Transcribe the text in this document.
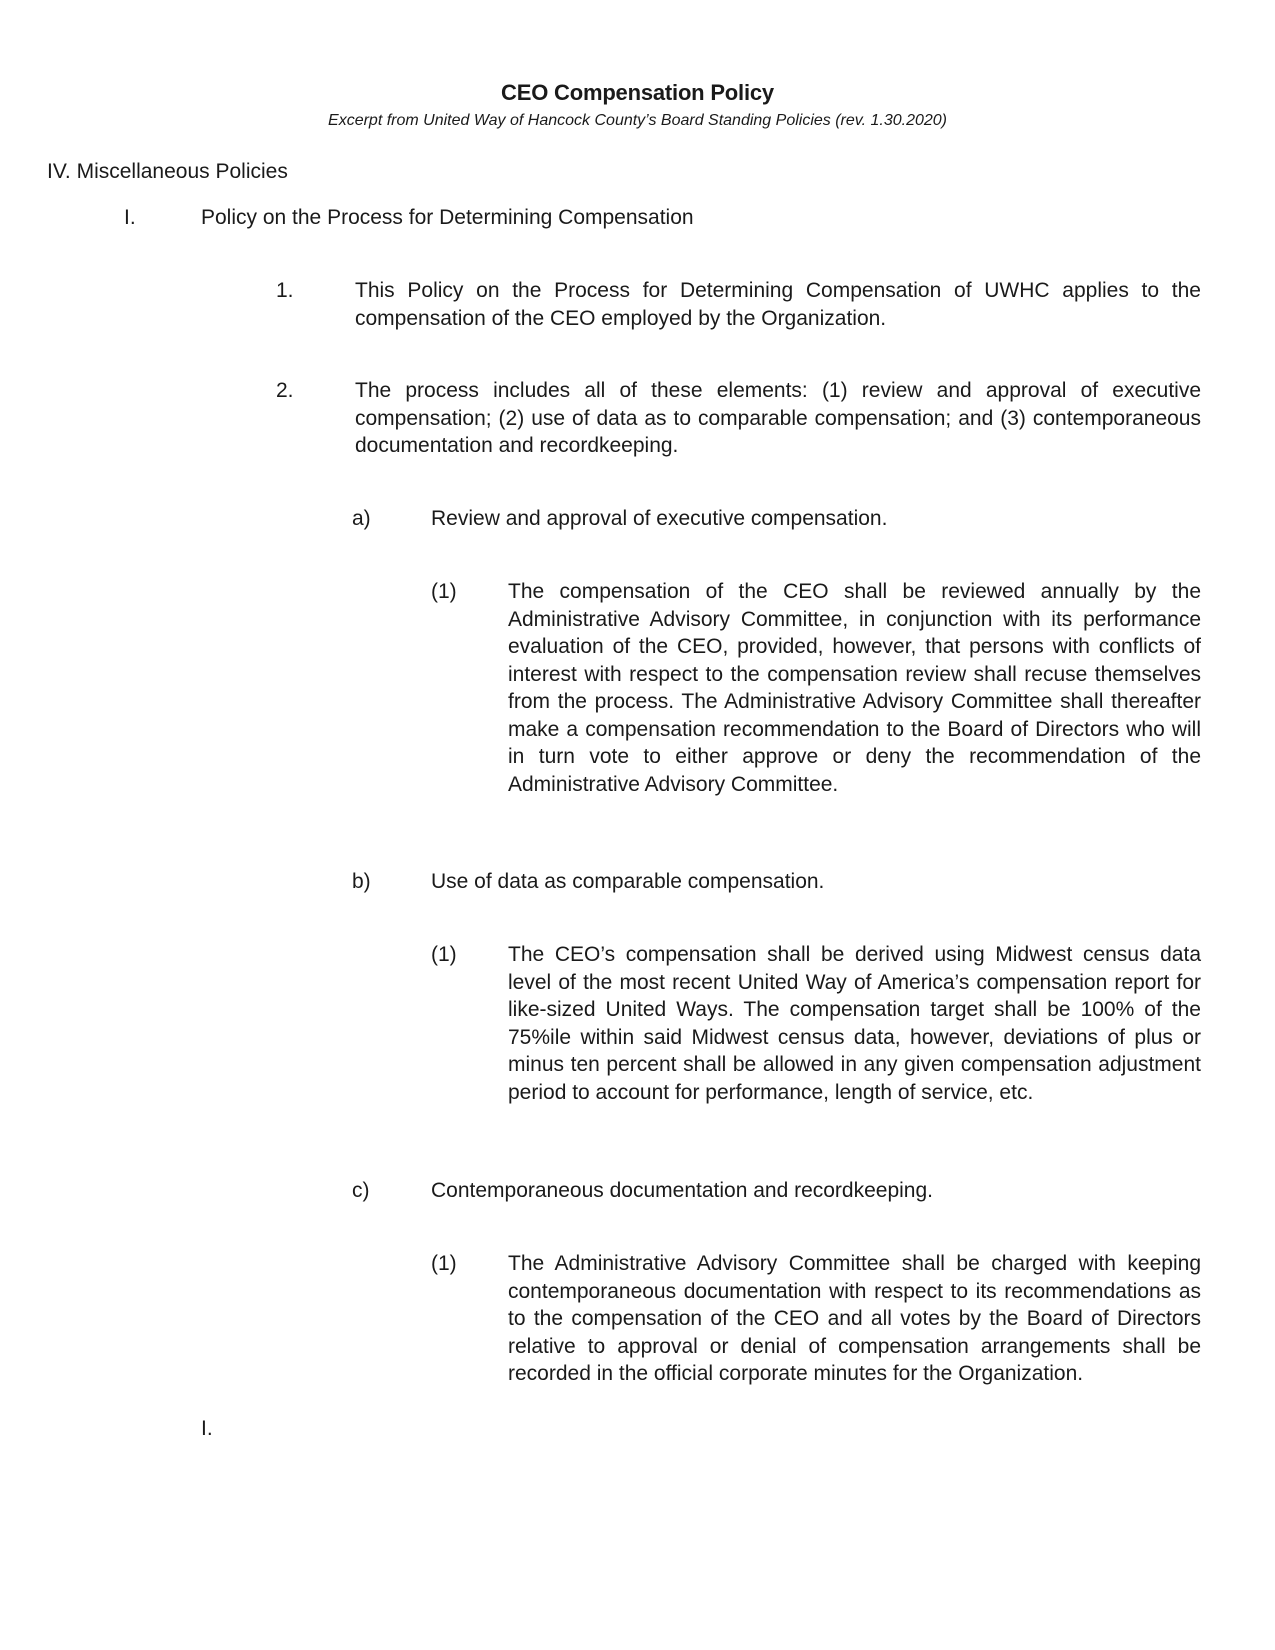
CEO Compensation Policy
Excerpt from United Way of Hancock County’s Board Standing Policies (rev. 1.30.2020)
IV. Miscellaneous Policies
I.	Policy on the Process for Determining Compensation
1.	This Policy on the Process for Determining Compensation of UWHC applies to the compensation of the CEO employed by the Organization.
2.	The process includes all of these elements: (1) review and approval of executive compensation; (2) use of data as to comparable compensation; and (3) contemporaneous documentation and recordkeeping.
a)	Review and approval of executive compensation.
(1) The compensation of the CEO shall be reviewed annually by the Administrative Advisory Committee, in conjunction with its performance evaluation of the CEO, provided, however, that persons with conflicts of interest with respect to the compensation review shall recuse themselves from the process. The Administrative Advisory Committee shall thereafter make a compensation recommendation to the Board of Directors who will in turn vote to either approve or deny the recommendation of the Administrative Advisory Committee.
b)	Use of data as comparable compensation.
(1) The CEO’s compensation shall be derived using Midwest census data level of the most recent United Way of America’s compensation report for like-sized United Ways. The compensation target shall be 100% of the 75%ile within said Midwest census data, however, deviations of plus or minus ten percent shall be allowed in any given compensation adjustment period to account for performance, length of service, etc.
c)	Contemporaneous documentation and recordkeeping.
(1) The Administrative Advisory Committee shall be charged with keeping contemporaneous documentation with respect to its recommendations as to the compensation of the CEO and all votes by the Board of Directors relative to approval or denial of compensation arrangements shall be recorded in the official corporate minutes for the Organization.
I.
